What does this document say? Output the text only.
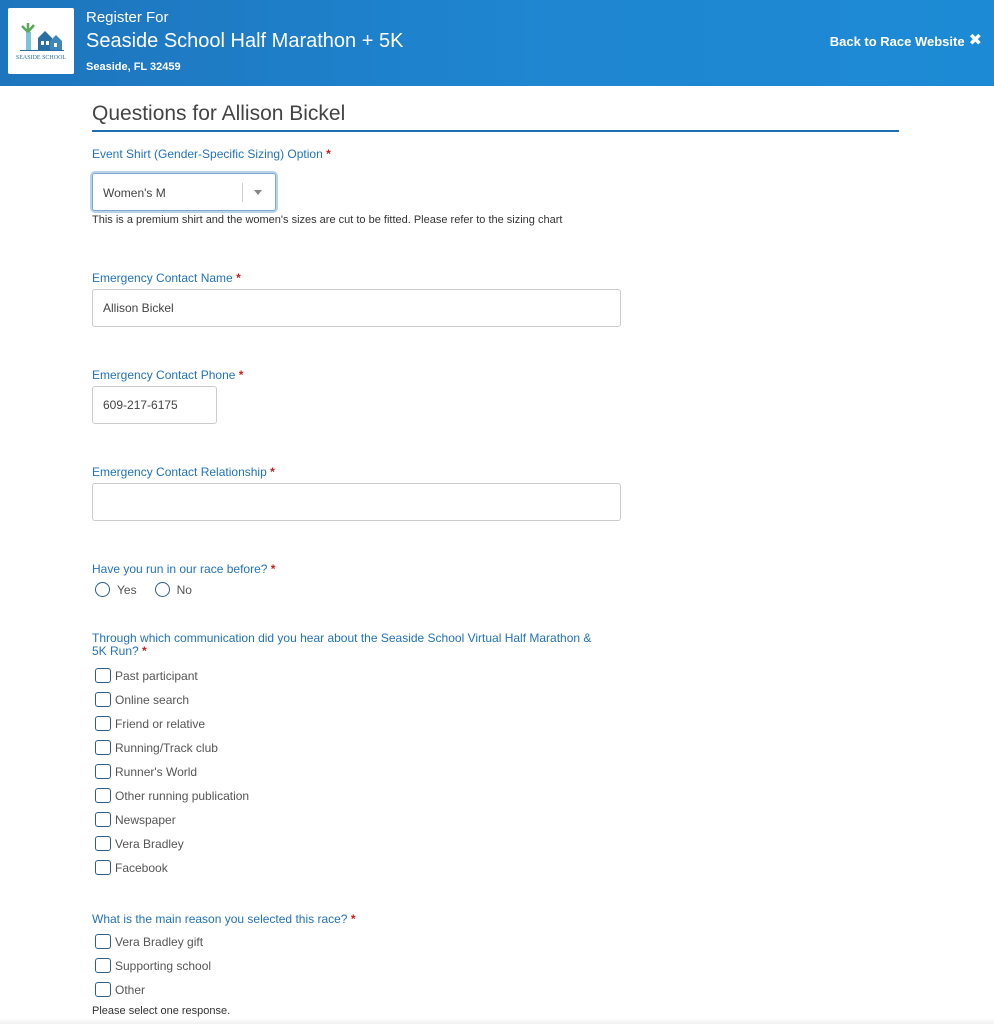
SEASIDE SCHOOL
Register For
Seaside School Half Marathon + 5K
Seaside, FL 32459
Back to Race Website ✖
Questions for Allison Bickel
Event Shirt (Gender-Specific Sizing) Option *
Women's M
This is a premium shirt and the women's sizes are cut to be fitted. Please refer to the sizing chart
Emergency Contact Name *
Allison Bickel
Emergency Contact Phone *
609-217-6175
Emergency Contact Relationship *
Have you run in our race before? *
Yes	No
Through which communication did you hear about the Seaside School Virtual Half Marathon &
5K Run? *
Past participant
Online search
Friend or relative
Running/Track club
Runner's World
Other running publication
Newspaper
Vera Bradley
Facebook
What is the main reason you selected this race? *
Vera Bradley gift
Supporting school
Other
Please select one response.
